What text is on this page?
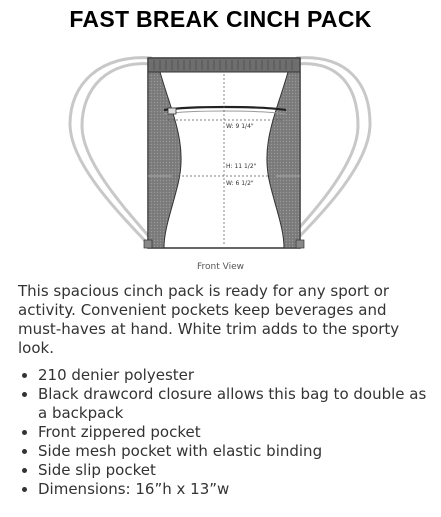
FAST BREAK CINCH PACK
W: 9 1/4"
H: 11 1/2"
W: 6 1/2"
Front View
This spacious cinch pack is ready for any sport or activity. Convenient pockets keep beverages and must-haves at hand. White trim adds to the sporty look.
• 210 denier polyester
• Black drawcord closure allows this bag to double as a backpack
• Front zippered pocket
• Side mesh pocket with elastic binding
• Side slip pocket
• Dimensions: 16”h x 13”w
